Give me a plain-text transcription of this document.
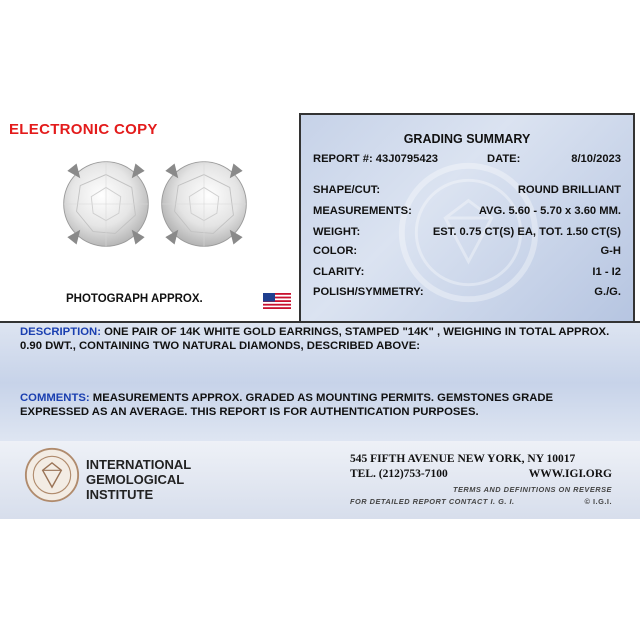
ELECTRONIC COPY
PHOTOGRAPH APPROX.
GRADING SUMMARY
REPORT #: 43J0795423	DATE:	8/10/2023
SHAPE/CUT:	ROUND BRILLIANT
MEASUREMENTS:	AVG. 5.60 - 5.70 x 3.60 MM.
WEIGHT:	EST. 0.75 CT(S) EA, TOT. 1.50 CT(S)
COLOR:	G-H
CLARITY:	I1 - I2
POLISH/SYMMETRY:	G./G.
DESCRIPTION: ONE PAIR OF 14K WHITE GOLD EARRINGS, STAMPED "14K" , WEIGHING IN TOTAL APPROX. 0.90 DWT., CONTAINING TWO NATURAL DIAMONDS, DESCRIBED ABOVE:
COMMENTS: MEASUREMENTS APPROX. GRADED AS MOUNTING PERMITS. GEMSTONES GRADE EXPRESSED AS AN AVERAGE. THIS REPORT IS FOR AUTHENTICATION PURPOSES.
INTERNATIONAL
GEMOLOGICAL
INSTITUTE
545 FIFTH AVENUE NEW YORK, NY 10017
TEL. (212)753-7100	WWW.IGI.ORG
TERMS AND DEFINITIONS ON REVERSE
FOR DETAILED REPORT CONTACT I. G. I.	© I.G.I.
